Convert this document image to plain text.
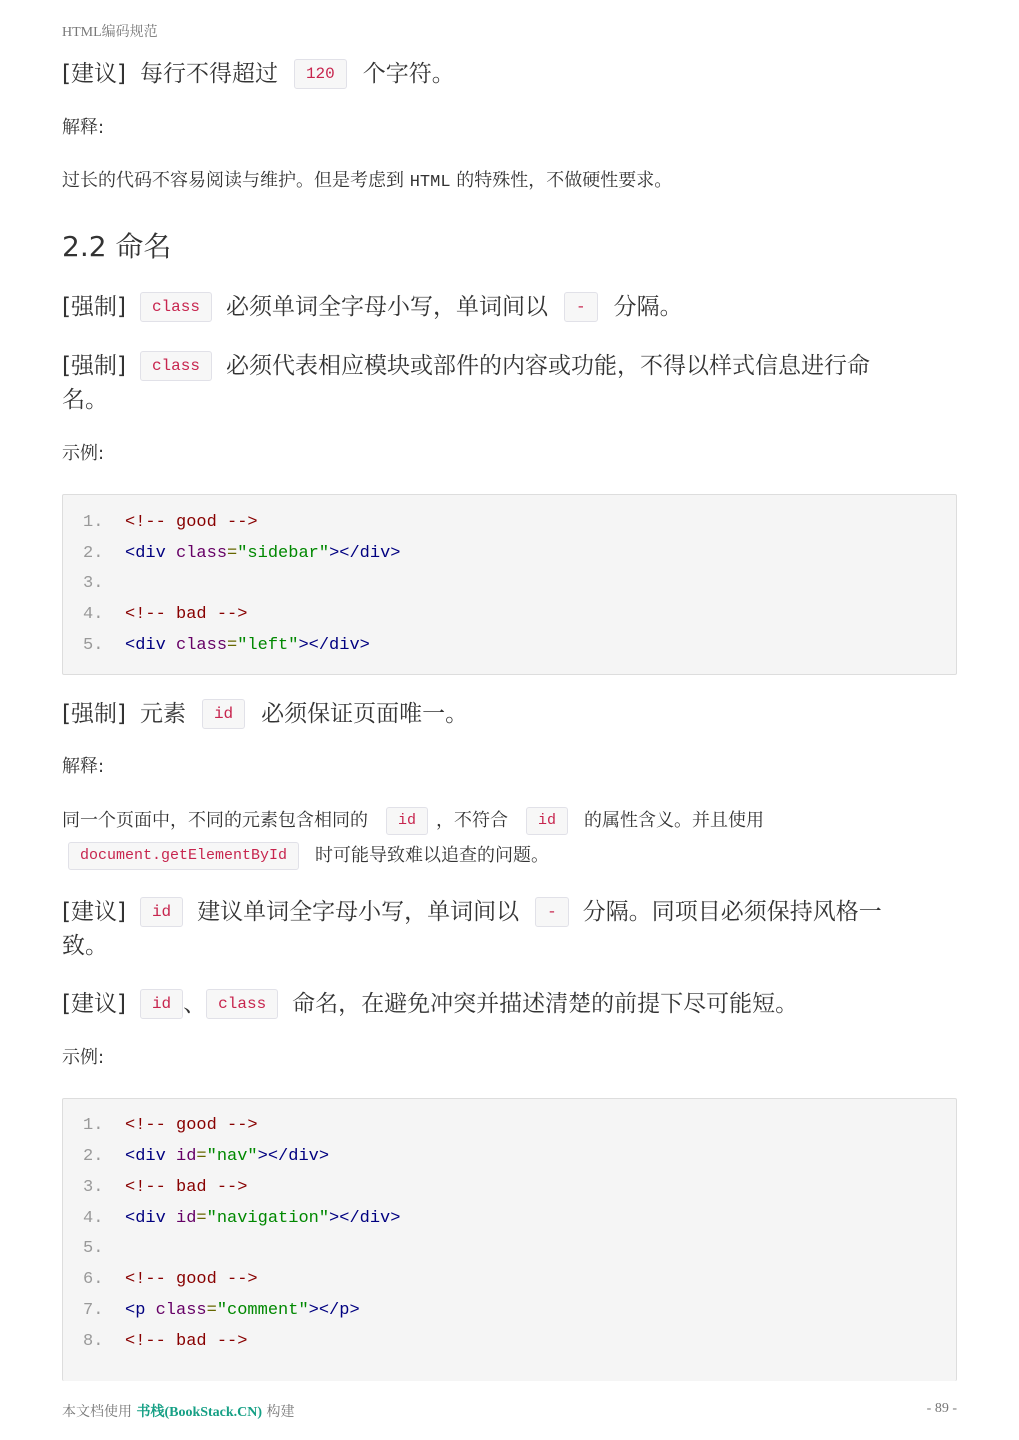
HTML编码规范
[建议] 每行不得超过 120 个字符。
解释:
过长的代码不容易阅读与维护。但是考虑到 HTML 的特殊性，不做硬性要求。
2.2 命名
[强制] class 必须单词全字母小写，单词间以 - 分隔。
[强制] class 必须代表相应模块或部件的内容或功能，不得以样式信息进行命
名。
示例:
1. <!-- good -->
2. <div class="sidebar"></div>
3.
4. <!-- bad -->
5. <div class="left"></div>
[强制] 元素 id 必须保证页面唯一。
解释:
同一个页面中，不同的元素包含相同的 id ，不符合 id 的属性含义。并且使用
document.getElementById 时可能导致难以追查的问题。
[建议] id 建议单词全字母小写，单词间以 - 分隔。同项目必须保持风格一
致。
[建议] id 、 class 命名，在避免冲突并描述清楚的前提下尽可能短。
示例:
1. <!-- good -->
2. <div id="nav"></div>
3. <!-- bad -->
4. <div id="navigation"></div>
5.
6. <!-- good -->
7. <p class="comment"></p>
8. <!-- bad -->
本文档使用 书栈(BookStack.CN) 构建	- 89 -
